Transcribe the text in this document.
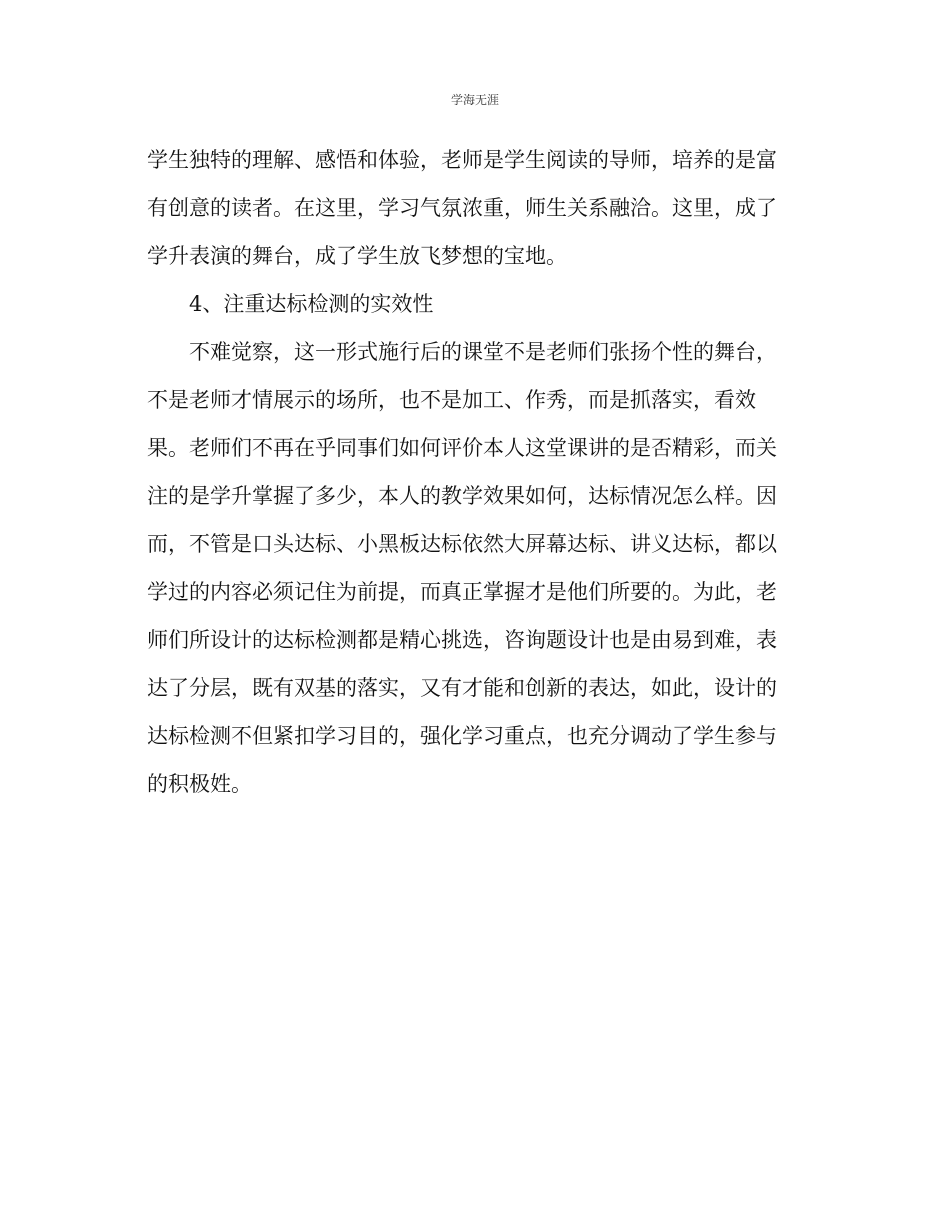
学海无涯
学生独特的理解、感悟和体验，老师是学生阅读的导师，培养的是富
有创意的读者。在这里，学习气氛浓重，师生关系融洽。这里，成了
学升表演的舞台，成了学生放飞梦想的宝地。
4、注重达标检测的实效性
不难觉察，这一形式施行后的课堂不是老师们张扬个性的舞台，
不是老师才情展示的场所，也不是加工、作秀，而是抓落实，看效
果。老师们不再在乎同事们如何评价本人这堂课讲的是否精彩，而关
注的是学升掌握了多少，本人的教学效果如何，达标情况怎么样。因
而，不管是口头达标、小黑板达标依然大屏幕达标、讲义达标，都以
学过的内容必须记住为前提，而真正掌握才是他们所要的。为此，老
师们所设计的达标检测都是精心挑选，咨询题设计也是由易到难，表
达了分层，既有双基的落实，又有才能和创新的表达，如此，设计的
达标检测不但紧扣学习目的，强化学习重点，也充分调动了学生参与
的积极姓。
